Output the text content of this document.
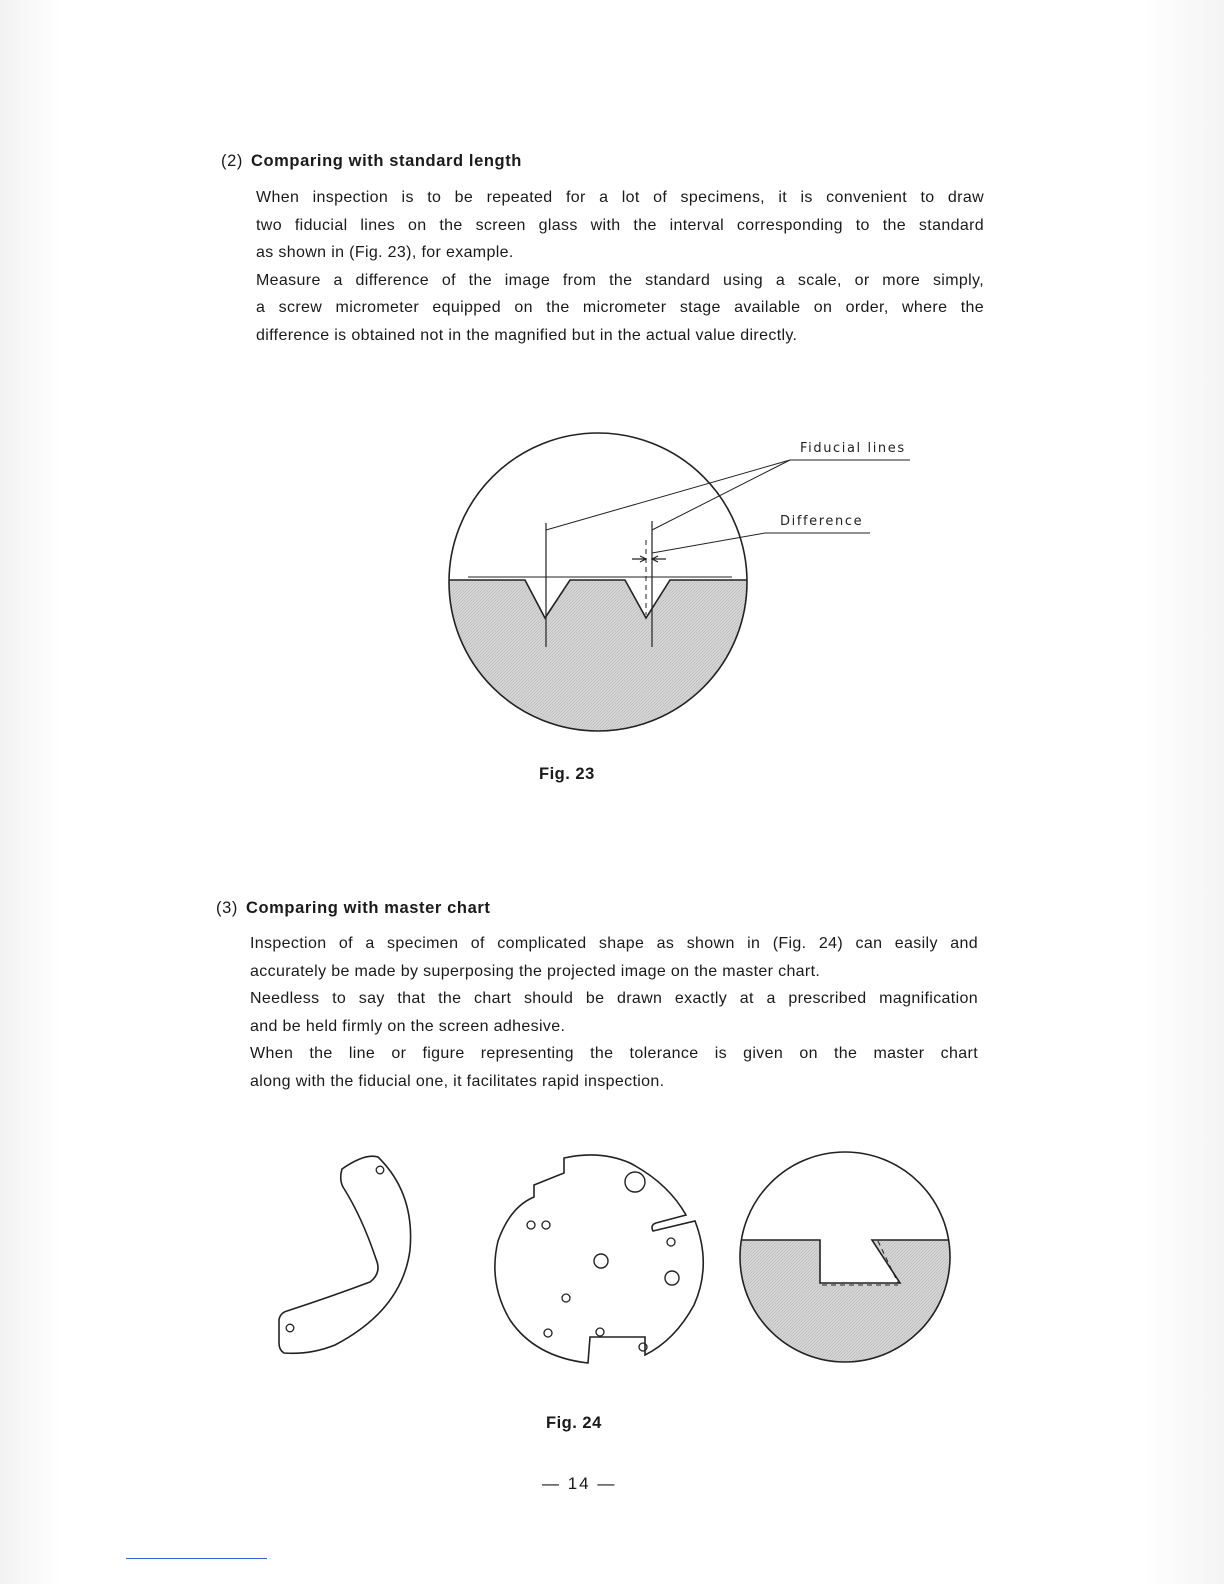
(2) Comparing with standard length
When inspection is to be repeated for a lot of specimens, it is convenient to draw
two fiducial lines on the screen glass with the interval corresponding to the standard
as shown in (Fig. 23), for example.
Measure a difference of the image from the standard using a scale, or more simply,
a screw micrometer equipped on the micrometer stage available on order, where the
difference is obtained not in the magnified but in the actual value directly.
Fiducial lines
Difference
Fig. 23
(3) Comparing with master chart
Inspection of a specimen of complicated shape as shown in (Fig. 24) can easily and
accurately be made by superposing the projected image on the master chart.
Needless to say that the chart should be drawn exactly at a prescribed magnification
and be held firmly on the screen adhesive.
When the line or figure representing the tolerance is given on the master chart
along with the fiducial one, it facilitates rapid inspection.
Fig. 24
— 14 —
